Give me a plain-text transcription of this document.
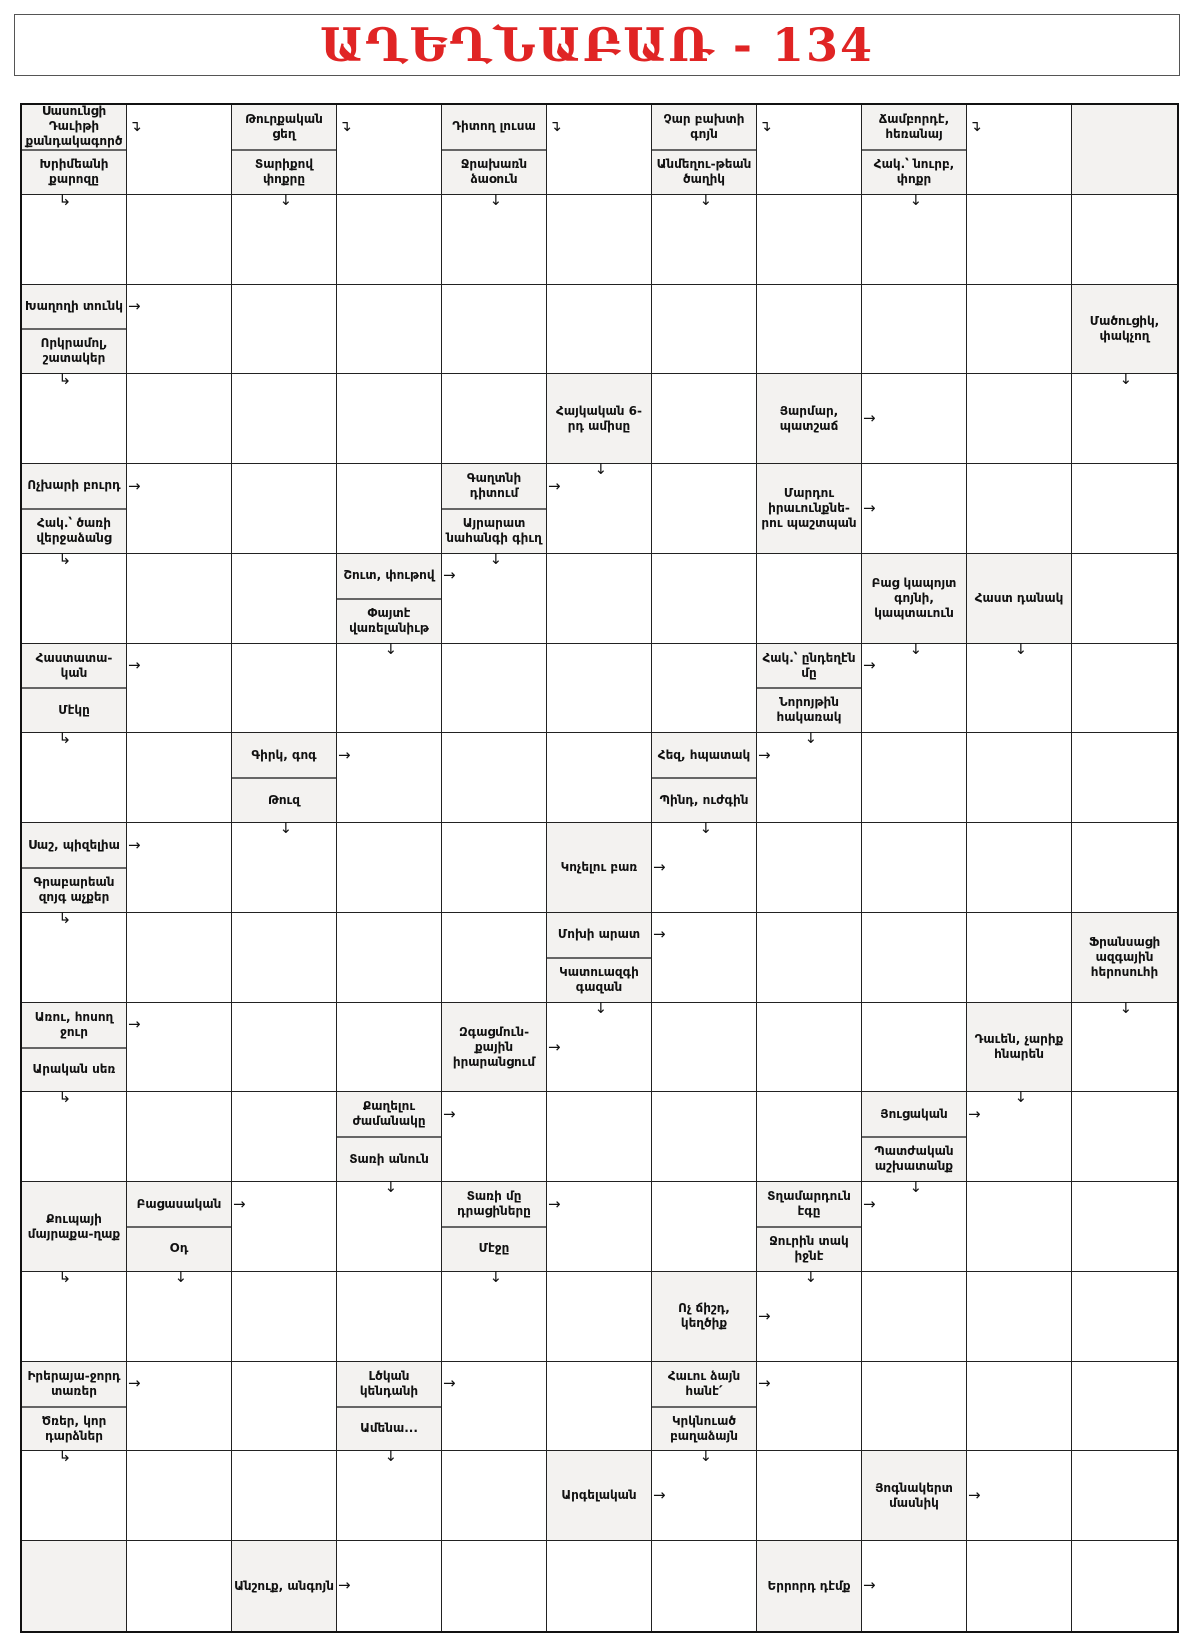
ԱՂԵՂՆԱԲԱՌ - 134
Սասունցի Դաւիթի քանդակագործ
Խրիմեանի քարոզը
Թուրքական ցեղ
Տարիքով փոքրը
Դիտող լուսա
Ջրախառն ձաօուն
Չար բախտի գոյն
Անմեղու-թեան ծաղիկ
Ճամբորդէ, հեռանայ
Հակ.՝ նուրբ, փոքր
Խաղողի տունկ
Որկրամոլ, շատակեր
Մածուցիկ, փակչող
Հայկական 6-րդ ամիսը
Յարմար, պատշաճ
Ոչխարի բուրդ
Հակ.՝ ծառի վերջաձանց
Գաղտնի դիտում
Այրարատ նահանգի գիւղ
Մարդու իրաւունքնե-րու պաշտպան
Շուտ, փութով
Փայտէ վառելանիւթ
Բաց կապոյտ գոյնի, կապտաւուն
Հաստ դանակ
Հաստատա-կան
Մէկը
Հակ.՝ ընդեղէն մը
Նորոյթին հակառակ
Գիրկ, գոգ
Թուզ
Հեզ, հպատակ
Պինդ, ուժգին
Սաշ, պիզելիա
Գրաբարեան զոյգ աչքեր
Կոչելու բառ
Մոխի արատ
Կատուազգի գազան
Ֆրանսացի ազգային հերոսուհի
Առու, հոսող ջուր
Արական սեռ
Զգացմուն-քային իրարանցում
Դաւեն, չարիք հնարեն
Քաղելու ժամանակը
Տառի անուն
Յուցական
Պատժական աշխատանք
Քուպայի մայրաքա-ղաք
Բացասական
Oդ
Տառի մը դրացիները
Մէջը
Տղամարդուն էգը
Ջուրին տակ իջնէ
Ոչ ճիշդ, կեղծիք
Իրերայա-ջորդ տառեր
Ծռեր, կոր դարձներ
Լծկան կենդանի
Ամենա...
Հաւու ձայն հանէ՛
Կրկնուած բաղաձայն
Արգելական
Յոգնակերտ մասնիկ
Անշուք, անգոյն	Երրորդ դէմք
↳
↴	↴
↓
↴
↓
↴
↓
↴
↓
→
↳	↓
↓
→
→
↳
→
↓
→
→
↓	↓	↓
→
↳
→
↓
→
↓
→
↓
→
↳
→
→
↓	↓
→
↳
→
↓
→
↓
→
↓
↳
→
↓
→
↓
→
↓
→
→
↳
→
↓
→
↓
→	→
→	→
